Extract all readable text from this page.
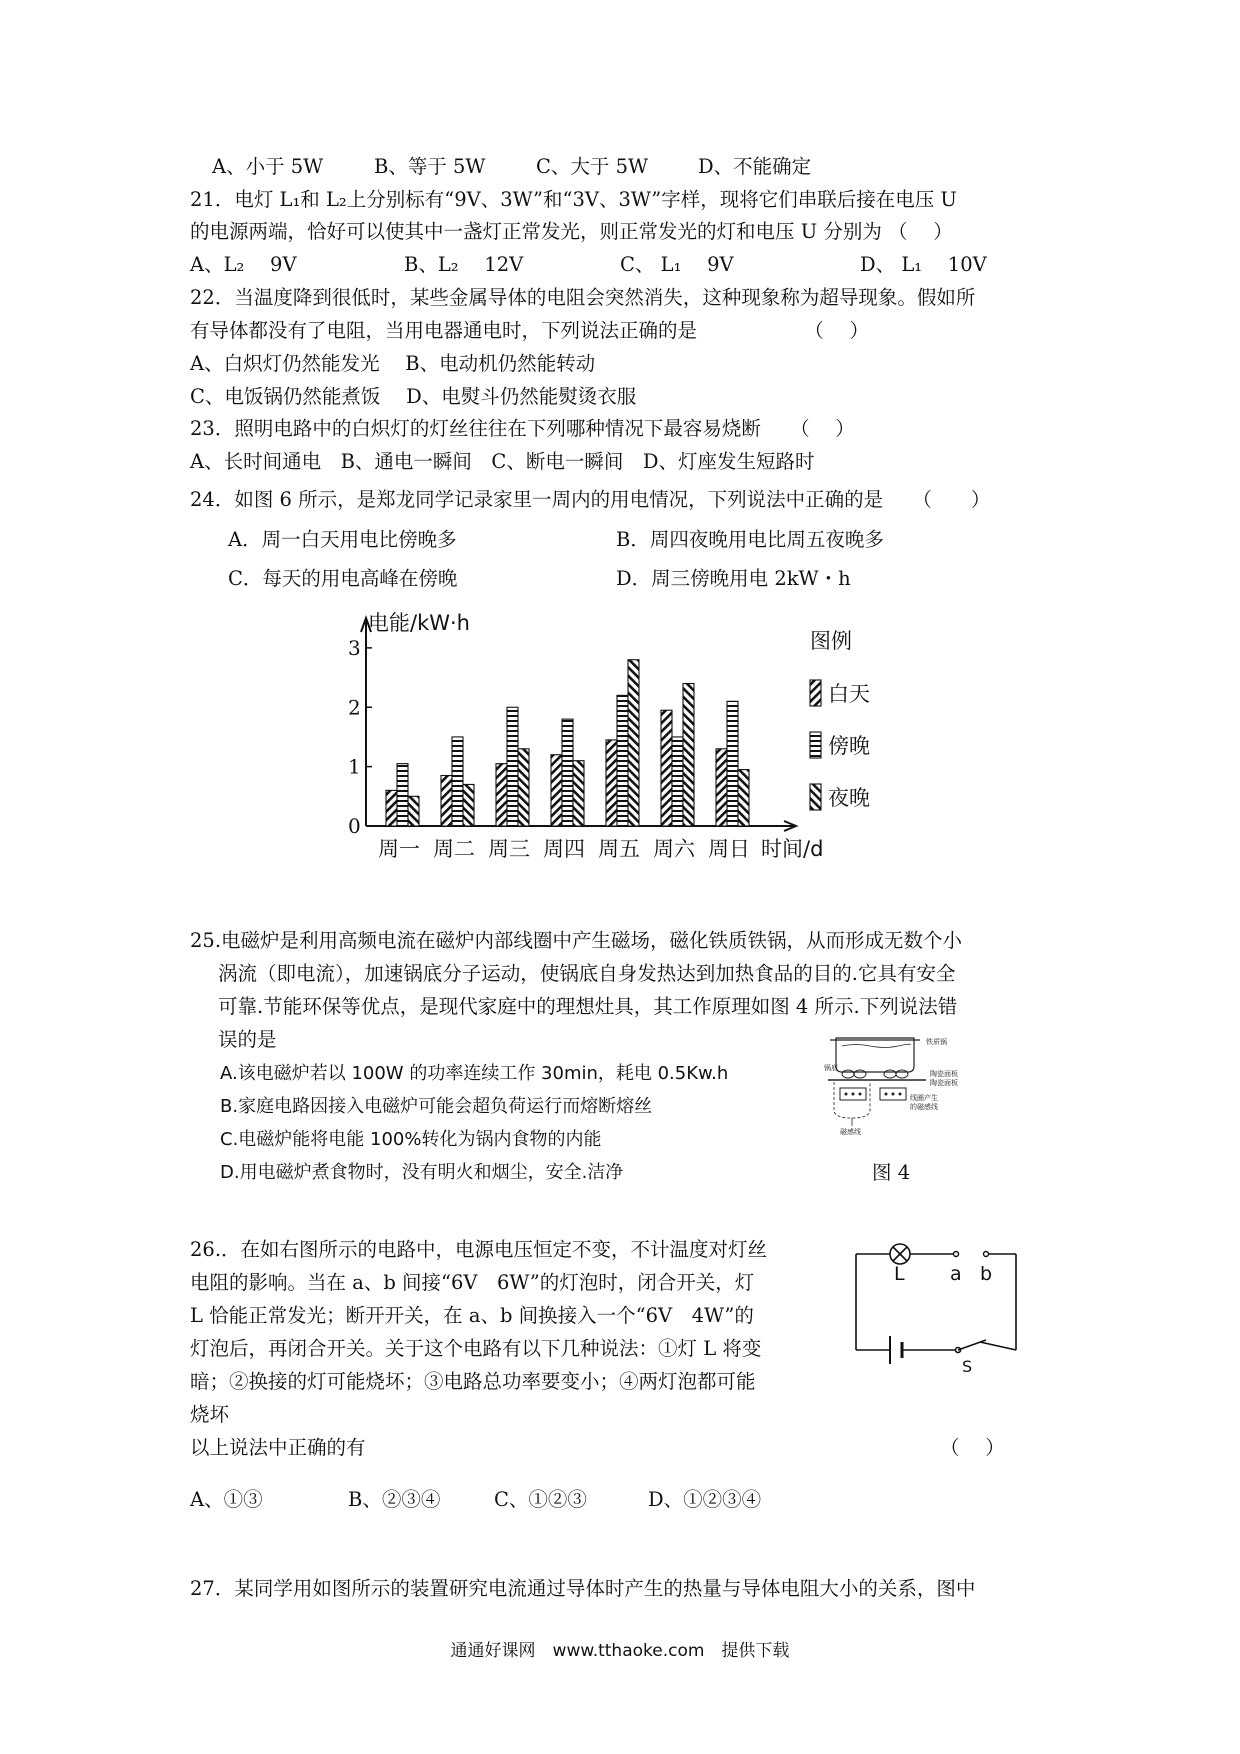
A、小于 5W	B、等于 5W	C、大于 5W	D、不能确定
21．电灯 L₁和 L₂上分别标有“9V、3W”和“3V、3W”字样，现将它们串联后接在电压 U
的电源两端，恰好可以使其中一盏灯正常发光，则正常发光的灯和电压 U 分别为 （　 ）
A、L₂　 9V	B、L₂　 12V	C、 L₁　 9V	D、 L₁　 10V
22．当温度降到很低时，某些金属导体的电阻会突然消失，这种现象称为超导现象。假如所
有导体都没有了电阻，当用电器通电时，下列说法正确的是　　　　　　（　 ）
A、白炽灯仍然能发光　 B、电动机仍然能转动
C、电饭锅仍然能煮饭　 D、电熨斗仍然能熨烫衣服
23．照明电路中的白炽灯的灯丝往往在下列哪种情况下最容易烧断　　（　 ）
A、长时间通电　B、通电一瞬间　C、断电一瞬间　D、灯座发生短路时
24．如图 6 所示，是郑龙同学记录家里一周内的用电情况，下列说法中正确的是　　（　　）
A．周一白天用电比傍晚多	B．周四夜晚用电比周五夜晚多
C．每天的用电高峰在傍晚	D．周三傍晚用电 2kW・h
0
1
2
3
电能/kW·h
周一 周二 周三 周四 周五 周六 周日 时间/d
图例
白天
傍晚
夜晚
25.电磁炉是利用高频电流在磁炉内部线圈中产生磁场，磁化铁质铁锅，从而形成无数个小
涡流（即电流），加速锅底分子运动，使锅底自身发热达到加热食品的目的.它具有安全
可靠.节能环保等优点，是现代家庭中的理想灶具，其工作原理如图 4 所示.下列说法错
误的是
A.该电磁炉若以 100W 的功率连续工作 30min，耗电 0.5Kw.h
B.家庭电路因接入电磁炉可能会超负荷运行而熔断熔丝
C.电磁炉能将电能 100%转化为锅内食物的内能
D.用电磁炉煮食物时，没有明火和烟尘，安全.洁净
铁质锅
锅底
陶瓷面板
陶瓷面板
线圈产生
的磁感线
磁感线
图 4
26.．在如右图所示的电路中，电源电压恒定不变，不计温度对灯丝
电阻的影响。当在 a、b 间接“6V　6W”的灯泡时，闭合开关，灯
L 恰能正常发光；断开开关，在 a、b 间换接入一个“6V　4W”的
灯泡后，再闭合开关。关于这个电路有以下几种说法：①灯 L 将变
暗；②换接的灯可能烧坏；③电路总功率要变小；④两灯泡都可能
烧坏
以上说法中正确的有	（　 ）
A、①③	B、②③④	C、①②③	D、①②③④
L a b
S
27．某同学用如图所示的装置研究电流通过导体时产生的热量与导体电阻大小的关系，图中
通通好课网　www.tthaoke.com　提供下载
